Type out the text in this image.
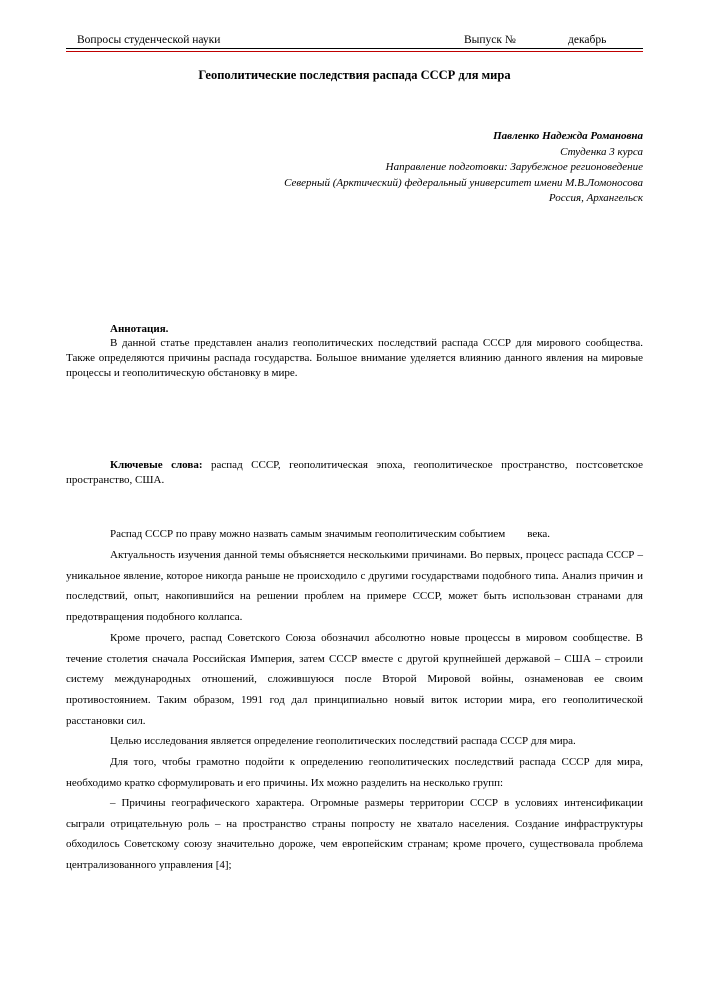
Вопросы студенческой науки	Выпуск №	декабрь
Геополитические последствия распада СССР для мира
Павленко Надежда Романовна
Студенка 3 курса
Направление подготовки: Зарубежное регионоведение
Северный (Арктический) федеральный университет имени М.В.Ломоносова
Россия, Архангельск
Аннотация.
В данной статье представлен анализ геополитических последствий распада СССР для мирового сообщества. Также определяются причины распада государства. Большое внимание уделяется влиянию данного явления на мировые процессы и геополитическую обстановку в мире.
Ключевые слова: распад СССР, геополитическая эпоха, геополитическое пространство, постсоветское пространство, США.
Распад СССР по праву можно назвать самым значимым геополитическим событием века.
Актуальность изучения данной темы объясняется несколькими причинами. Во первых, процесс распада СССР – уникальное явление, которое никогда раньше не происходило с другими государствами подобного типа. Анализ причин и последствий, опыт, накопившийся на решении проблем на примере СССР, может быть использован странами для предотвращения подобного коллапса.
Кроме прочего, распад Советского Союза обозначил абсолютно новые процессы в мировом сообществе. В течение столетия сначала Российская Империя, затем СССР вместе с другой крупнейшей державой – США – строили систему международных отношений, сложившуюся после Второй Мировой войны, ознаменовав ее своим противостоянием. Таким образом, 1991 год дал принципиально новый виток истории мира, его геополитической расстановки сил.
Целью исследования является определение геополитических последствий распада СССР для мира.
Для того, чтобы грамотно подойти к определению геополитических последствий распада СССР для мира, необходимо кратко сформулировать и его причины. Их можно разделить на несколько групп:
– Причины географического характера. Огромные размеры территории СССР в условиях интенсификации сыграли отрицательную роль – на пространство страны попросту не хватало населения. Создание инфраструктуры обходилось Советскому союзу значительно дороже, чем европейским странам; кроме прочего, существовала проблема централизованного управления [4];
